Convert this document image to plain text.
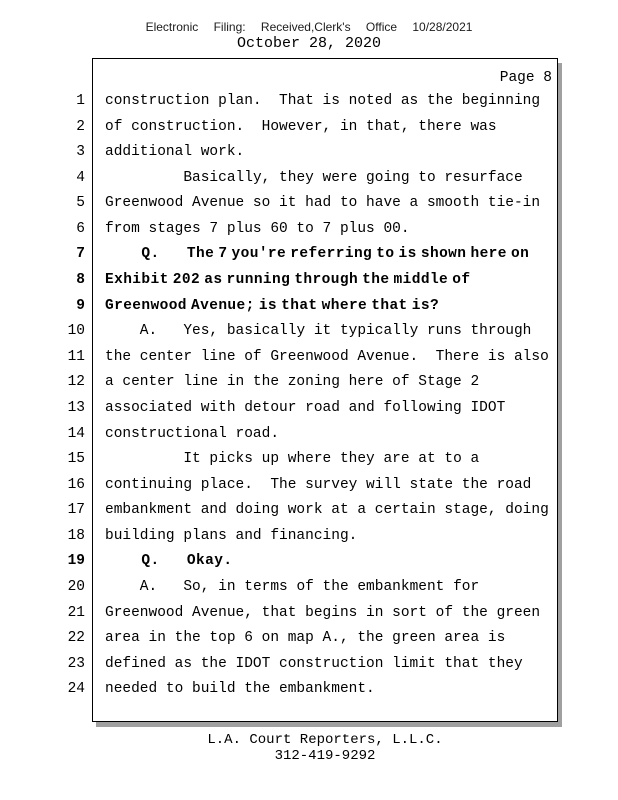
Electronic Filing: Received,Clerk's Office 10/28/2021
October 28, 2020
Page 8
1 construction plan.  That is noted as the beginning
2 of construction.  However, in that, there was
3 additional work.
4	Basically, they were going to resurface
5 Greenwood Avenue so it had to have a smooth tie-in
6 from stages 7 plus 60 to 7 plus 00.
7 Q.   The 7 you're referring to is shown here on
8 Exhibit 202 as running through the middle of
9 Greenwood Avenue; is that where that is?
10 A.   Yes, basically it typically runs through
11 the center line of Greenwood Avenue.  There is also
12 a center line in the zoning here of Stage 2
13 associated with detour road and following IDOT
14 constructional road.
15	It picks up where they are at to a
16 continuing place.  The survey will state the road
17 embankment and doing work at a certain stage, doing
18 building plans and financing.
19 Q.   Okay.
20 A.   So, in terms of the embankment for
21 Greenwood Avenue, that begins in sort of the green
22 area in the top 6 on map A., the green area is
23 defined as the IDOT construction limit that they
24 needed to build the embankment.
L.A. Court Reporters, L.L.C.
312-419-9292
